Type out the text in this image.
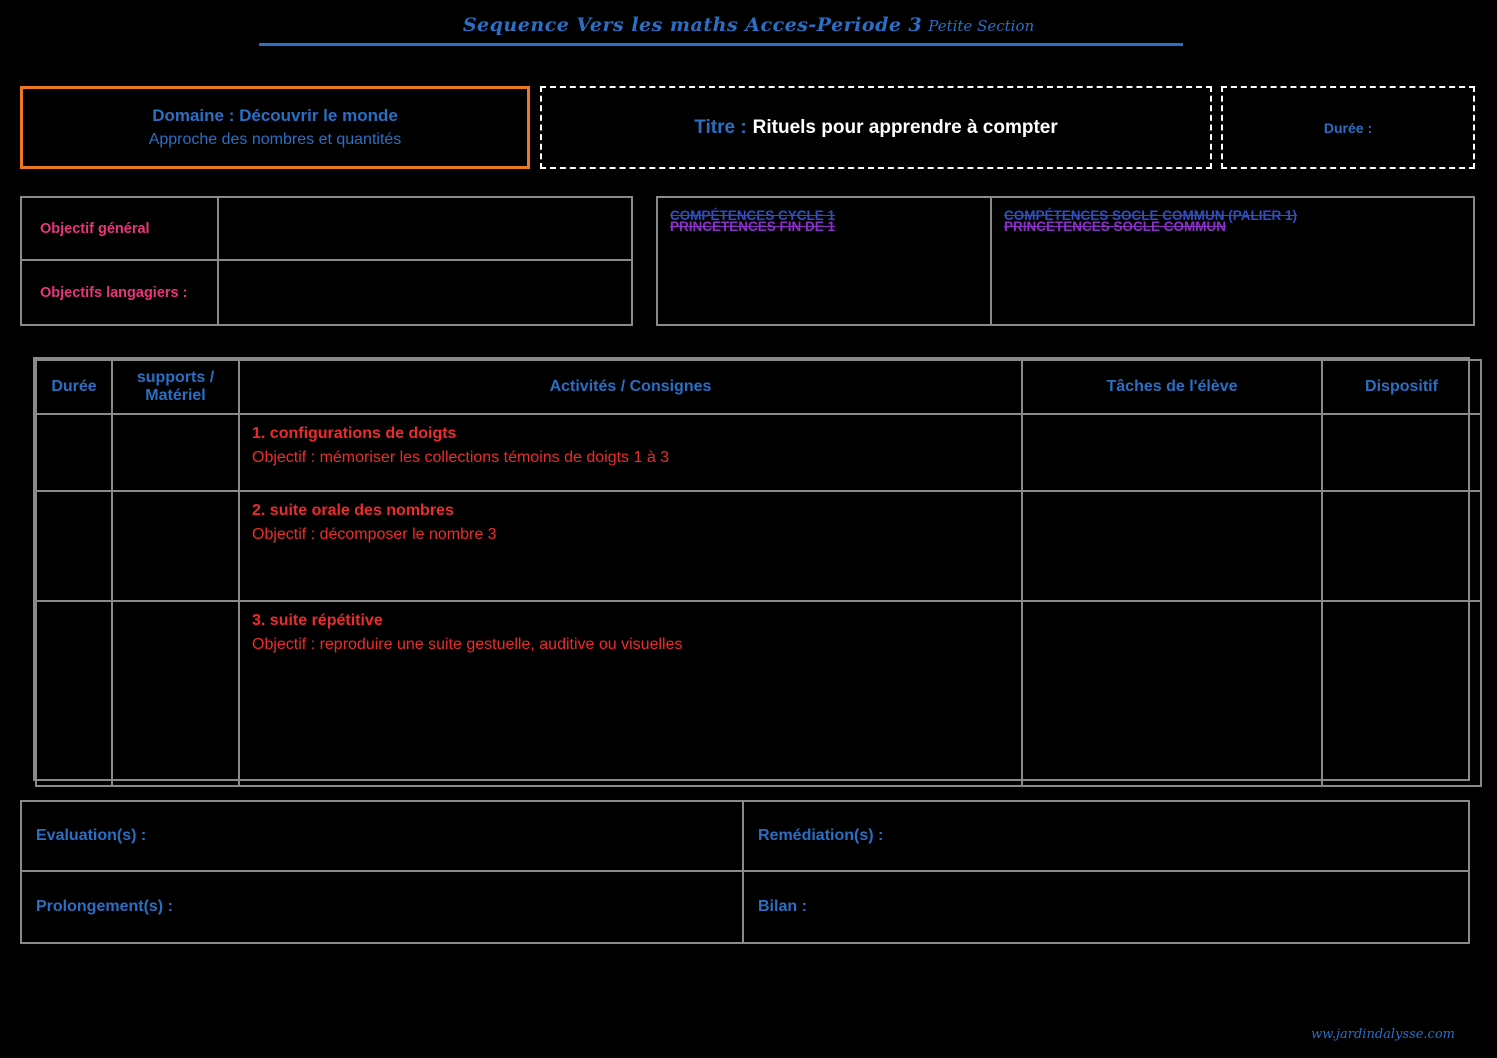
Sequence Vers les maths Acces-Periode 3 Petite Section
Domaine : Découvrir le monde
Approche des nombres et quantités
Titre : Rituels pour apprendre à compter	Durée :
Objectif général
Objectifs langagiers :
COMPÉTENCES CYCLE 1
PRINCÉTENCES FIN DE 1
COMPÉTENCES SOCLE COMMUN (PALIER 1)
PRINCÉTENCES SOCLE COMMUN
Durée	supports / Matériel	Activités / Consignes	Tâches de l'élève	Dispositif

		1. configurations de doigts
Objectif : mémoriser les collections témoins de doigts 1 à 3		

		2. suite orale des nombres
Objectif : décomposer le nombre 3		

		3. suite répétitive
Objectif : reproduire une suite gestuelle, auditive ou visuelles		

Evaluation(s) :	Remédiation(s) :
Prolongement(s) :	Bilan :
ww.jardindalysse.com
